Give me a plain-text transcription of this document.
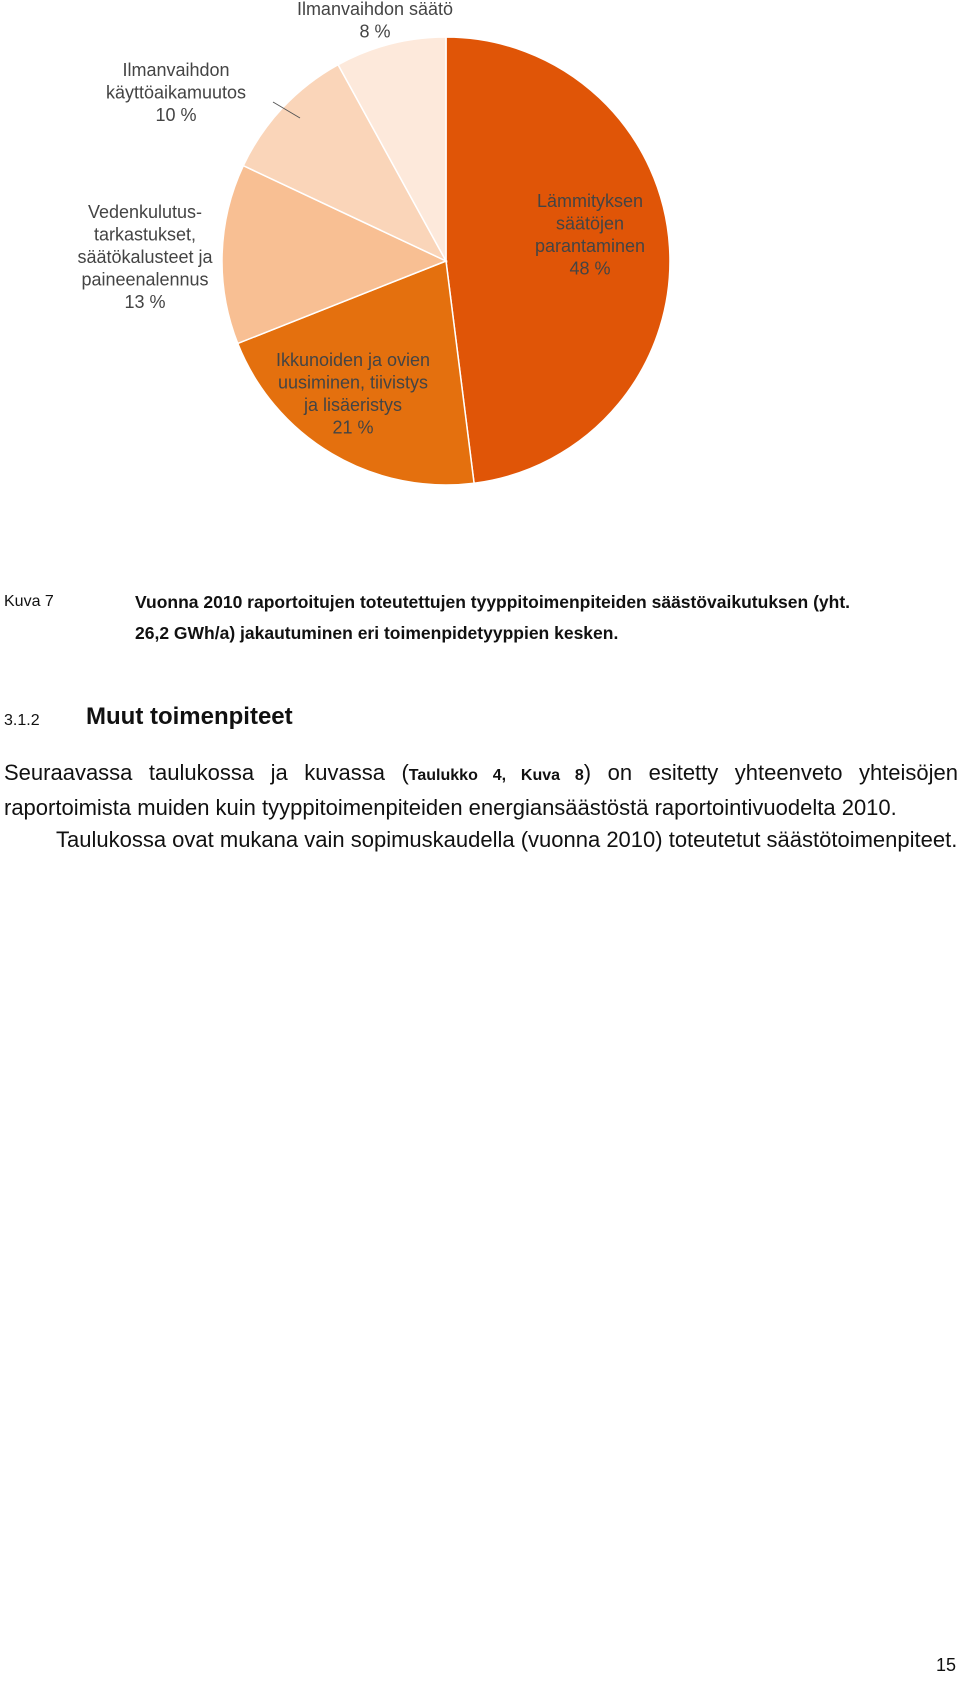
Lämmityksen säätöjen parantaminen 48 %
Ikkunoiden ja ovien uusiminen, tiivistys ja lisäeristys 21 %
Vedenkulutus-tarkastukset, säätökalusteet ja paineenalennus 13 %
Ilmanvaihdon käyttöaikamuutos 10 %
Ilmanvaihdon säätö 8 %
Kuva 7	Vuonna 2010 raportoitujen toteutettujen tyyppitoimenpiteiden säästövaikutuksen (yht. 26,2 GWh/a) jakautuminen eri toimenpidetyyppien kesken.
3.1.2 Muut toimenpiteet

Seuraavassa taulukossa ja kuvassa (Taulukko 4, Kuva 8) on esitetty yhteenveto yhteisöjen raportoimista muiden kuin tyyppitoimenpiteiden energiansäästöstä raportointivuodelta 2010.

Taulukossa ovat mukana vain sopimuskaudella (vuonna 2010) toteutetut säästötoimenpiteet.

15
